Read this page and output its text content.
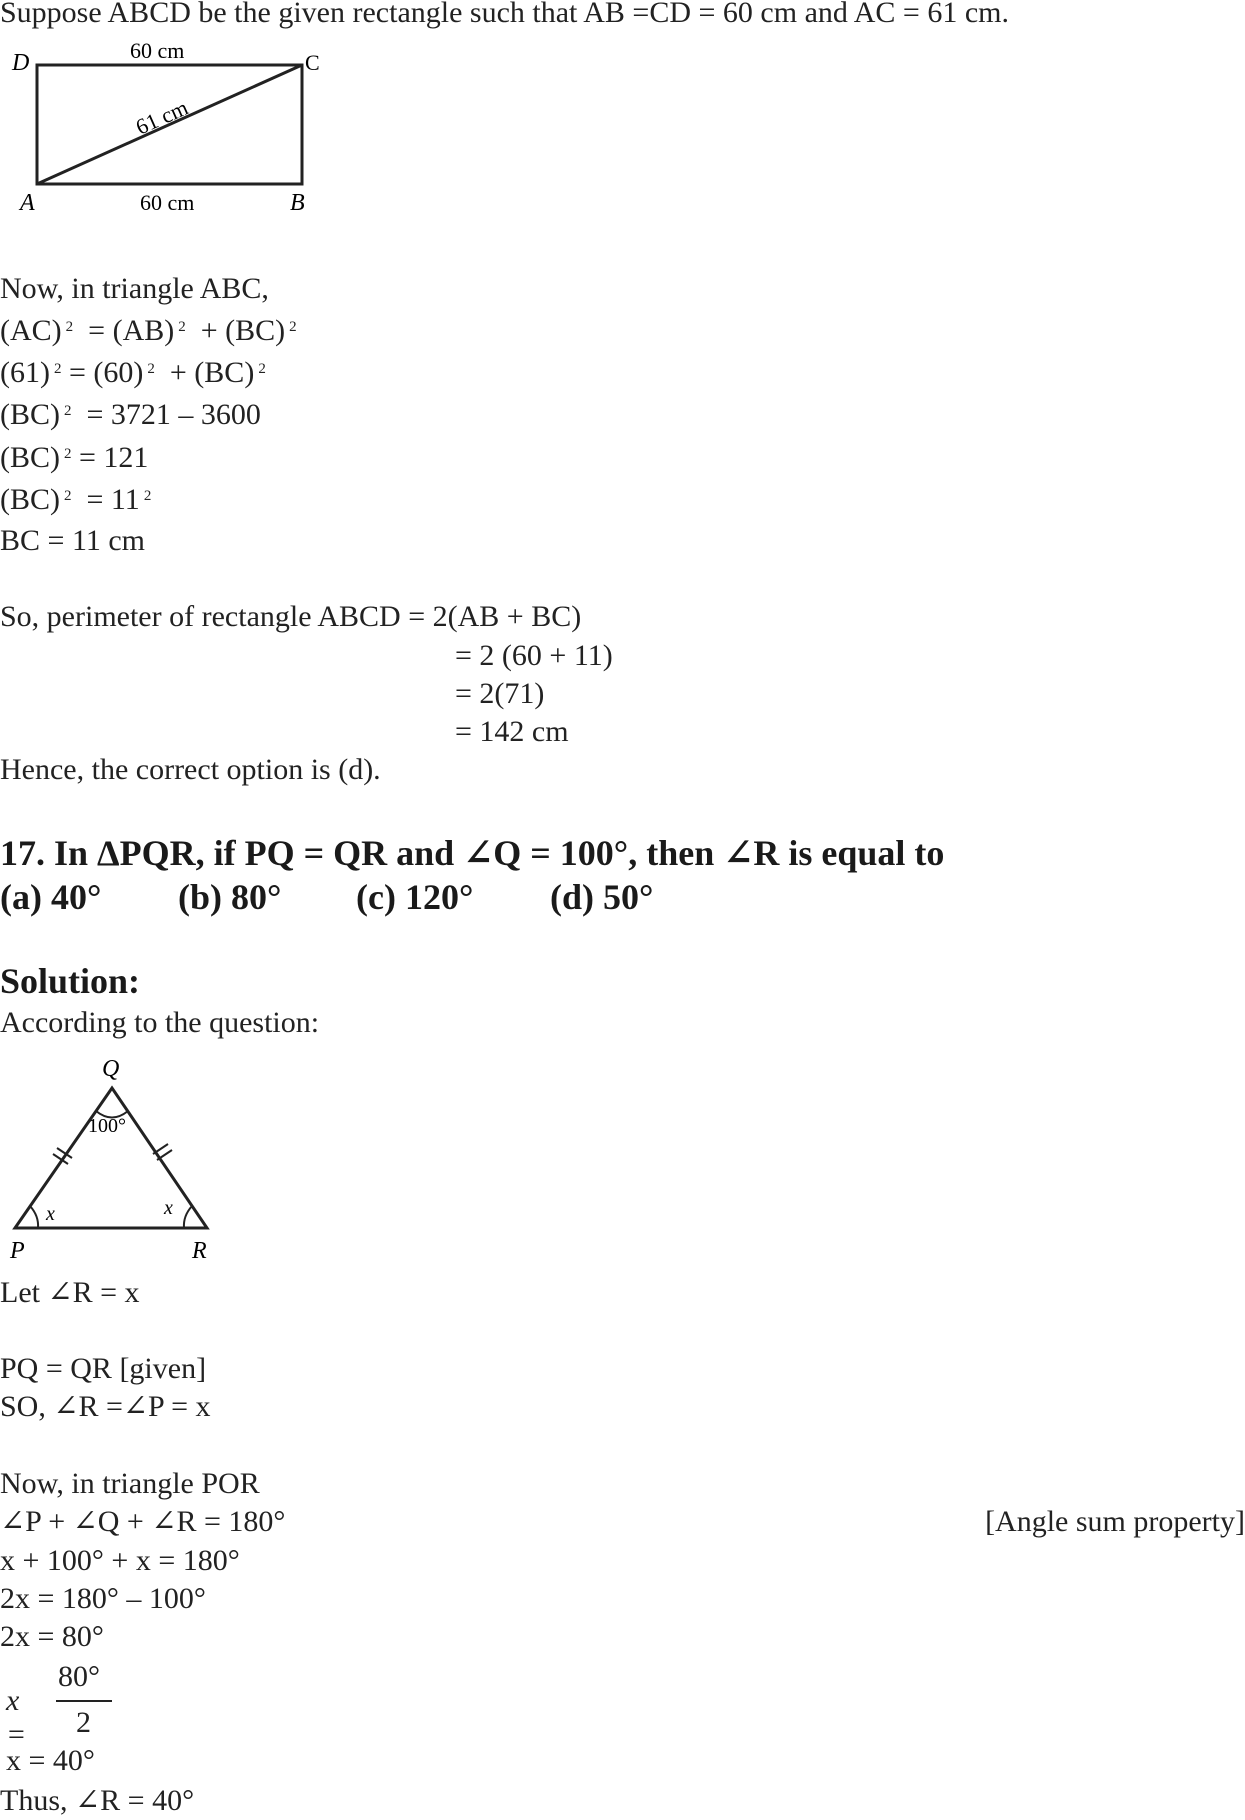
Suppose ABCD be the given rectangle such that AB =CD = 60 cm and AC = 61 cm.
D	C
A	B
60 cm
60 cm
61 cm
Now, in triangle ABC,
(AC) $^2$  = (AB) $^2$  + (BC) $^2$
(61) $^2$ = (60) $^2$  + (BC) $^2$
(BC) $^2$  = 3721 – 3600
(BC) $^2$ = 121
(BC) $^2$  = 11 $^2$
BC = 11 cm
So, perimeter of rectangle ABCD = 2(AB + BC)
= 2 (60 + 11)
= 2(71)
= 142 cm
Hence, the correct option is (d).
17. In ΔPQR, if PQ = QR and ∠Q = 100°, then ∠R is equal to
(a) 40° (b) 80° (c) 120° (d) 50°
Solution:
According to the question:
Q
P	R
100°
x	x
Let ∠R = x
PQ = QR [given]
SO, ∠R =∠P = x
Now, in triangle POR
∠P + ∠Q + ∠R = 180°	[Angle sum property]
x + 100° + x = 180°
2x = 180° – 100°
2x = 80°
x =
80°
2
x = 40°
Thus, ∠R = 40°
